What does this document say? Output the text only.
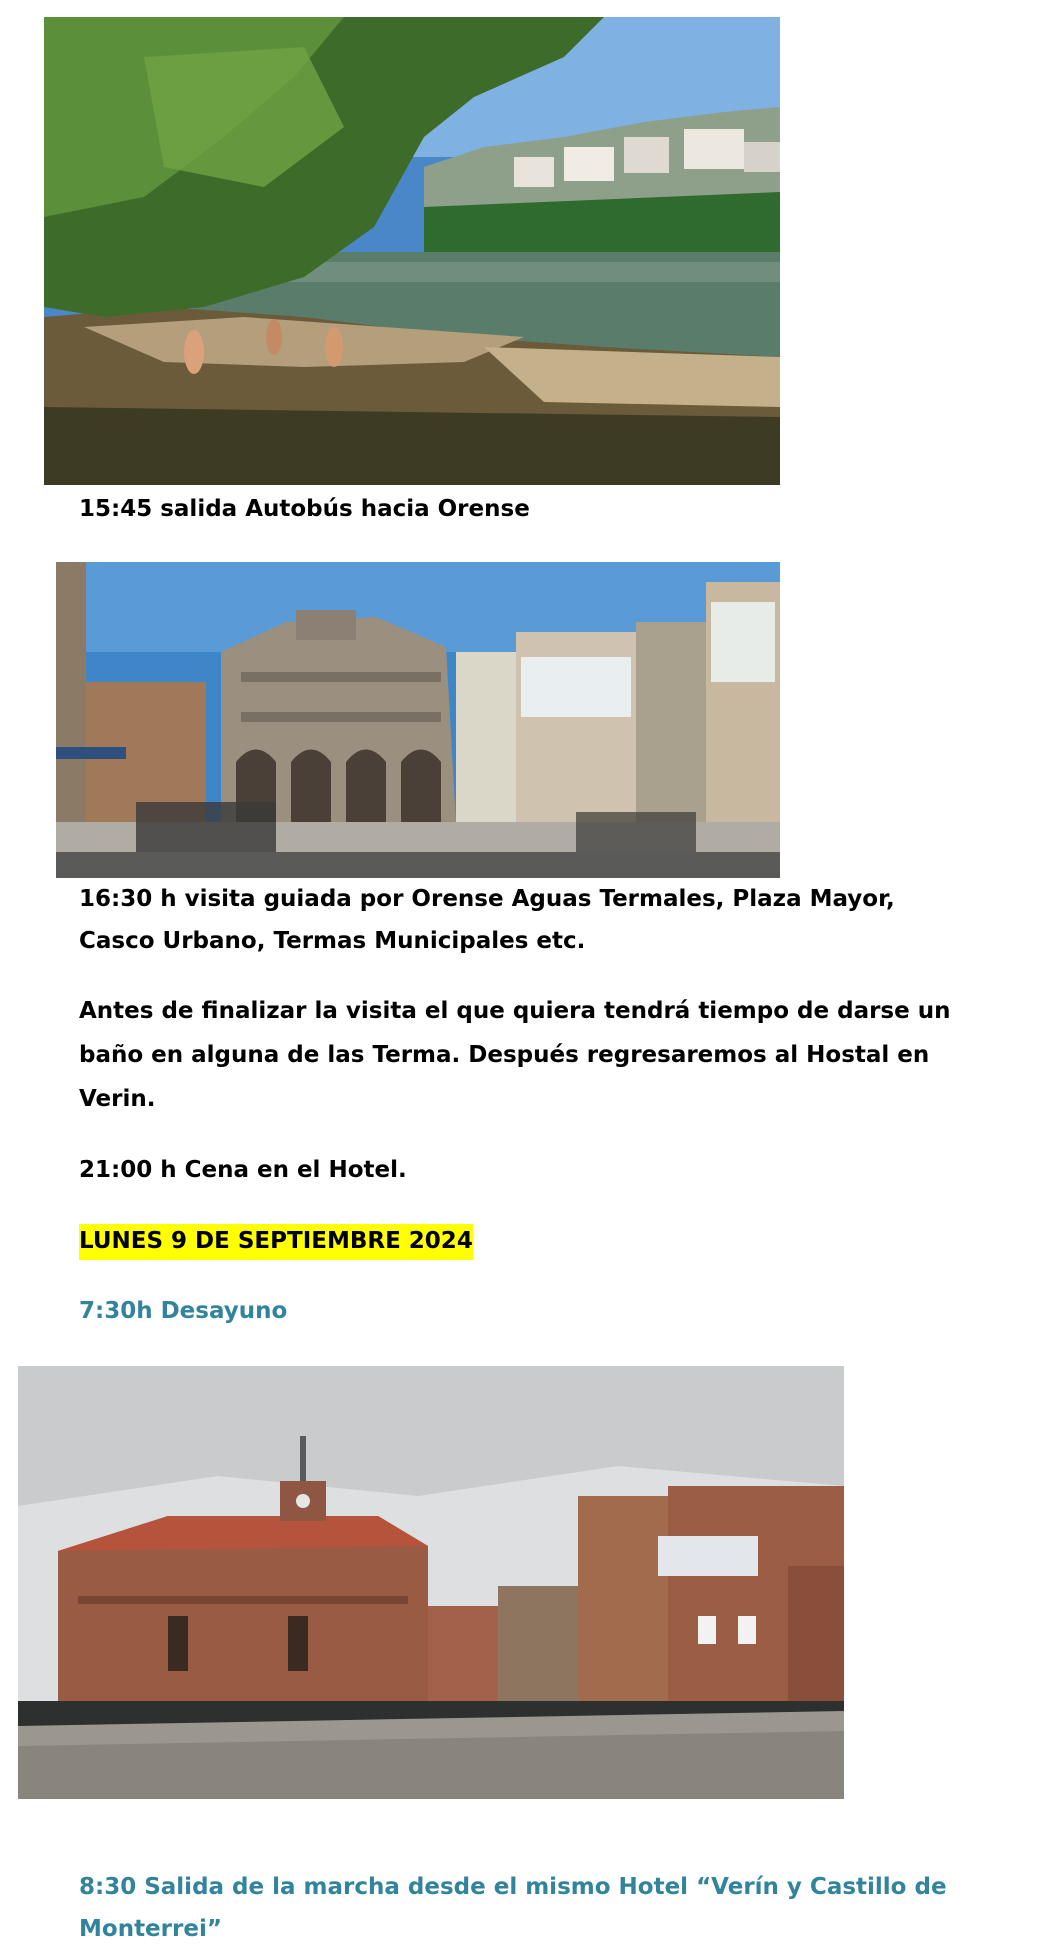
15:45 salida Autobús hacia Orense

16:30 h visita guiada por Orense Aguas Termales, Plaza Mayor,

Casco Urbano, Termas Municipales etc.

Antes de finalizar la visita el que quiera tendrá tiempo de darse un

baño en alguna de las Terma. Después regresaremos al Hostal en

Verin.

21:00 h Cena en el Hotel.

LUNES 9 DE SEPTIEMBRE 2024

7:30h Desayuno

8:30 Salida de la marcha desde el mismo Hotel “Verín y Castillo de

Monterrei”
